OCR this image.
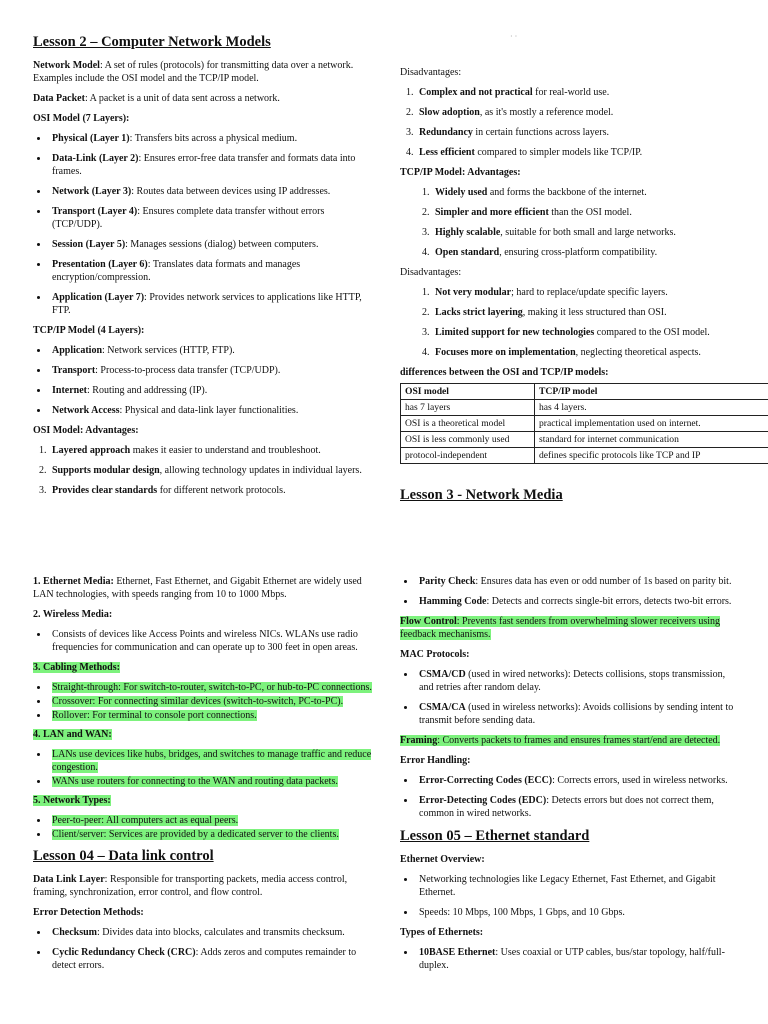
Lesson 2 – Computer Network Models

Network Model: A set of rules (protocols) for transmitting data over a network. Examples include the OSI model and the TCP/IP model.

Data Packet: A packet is a unit of data sent across a network.

OSI Model (7 Layers):

• Physical (Layer 1): Transfers bits across a physical medium.
• Data-Link (Layer 2): Ensures error-free data transfer and formats data into frames.
• Network (Layer 3): Routes data between devices using IP addresses.
• Transport (Layer 4): Ensures complete data transfer without errors (TCP/UDP).
• Session (Layer 5): Manages sessions (dialog) between computers.
• Presentation (Layer 6): Translates data formats and manages encryption/compression.
• Application (Layer 7): Provides network services to applications like HTTP, FTP.

TCP/IP Model (4 Layers):

• Application: Network services (HTTP, FTP).
• Transport: Process-to-process data transfer (TCP/UDP).
• Internet: Routing and addressing (IP).
• Network Access: Physical and data-link layer functionalities.

OSI Model: Advantages:

1. Layered approach makes it easier to understand and troubleshoot.
2. Supports modular design, allowing technology updates in individual layers.
3. Provides clear standards for different network protocols.
· ·

Disadvantages:

1. Complex and not practical for real-world use.
2. Slow adoption, as it's mostly a reference model.
3. Redundancy in certain functions across layers.
4. Less efficient compared to simpler models like TCP/IP.

TCP/IP Model: Advantages:

1. Widely used and forms the backbone of the internet.
2. Simpler and more efficient than the OSI model.
3. Highly scalable, suitable for both small and large networks.
4. Open standard, ensuring cross-platform compatibility.

Disadvantages:

1. Not very modular; hard to replace/update specific layers.
2. Lacks strict layering, making it less structured than OSI.
3. Limited support for new technologies compared to the OSI model.
4. Focuses more on implementation, neglecting theoretical aspects.

differences between the OSI and TCP/IP models:

OSI model	TCP/IP model
has 7 layers	has 4 layers.
OSI is a theoretical model	practical implementation used on internet.
OSI is less commonly used	standard for internet communication
protocol-independent	defines specific protocols like TCP and IP
Lesson 3 - Network Media

1. Ethernet Media: Ethernet, Fast Ethernet, and Gigabit Ethernet are widely used LAN technologies, with speeds ranging from 10 to 1000 Mbps.

2. Wireless Media:

• Consists of devices like Access Points and wireless NICs. WLANs use radio frequencies for communication and can operate up to 300 feet in open areas.

3. Cabling Methods:

• Straight-through: For switch-to-router, switch-to-PC, or hub-to-PC connections.
• Crossover: For connecting similar devices (switch-to-switch, PC-to-PC).
• Rollover: For terminal to console port connections.

4. LAN and WAN:

• LANs use devices like hubs, bridges, and switches to manage traffic and reduce congestion.
• WANs use routers for connecting to the WAN and routing data packets.

5. Network Types:

• Peer-to-peer: All computers act as equal peers.
• Client/server: Services are provided by a dedicated server to the clients.
Lesson 04 – Data link control

Data Link Layer: Responsible for transporting packets, media access control, framing, synchronization, error control, and flow control.

Error Detection Methods:

• Checksum: Divides data into blocks, calculates and transmits checksum.
• Cyclic Redundancy Check (CRC): Adds zeros and computes remainder to detect errors.
• Parity Check: Ensures data has even or odd number of 1s based on parity bit.
• Hamming Code: Detects and corrects single-bit errors, detects two-bit errors.

Flow Control: Prevents fast senders from overwhelming slower receivers using feedback mechanisms.

MAC Protocols:

• CSMA/CD (used in wired networks): Detects collisions, stops transmission, and retries after random delay.
• CSMA/CA (used in wireless networks): Avoids collisions by sending intent to transmit before sending data.

Framing: Converts packets to frames and ensures frames start/end are detected.

Error Handling:

• Error-Correcting Codes (ECC): Corrects errors, used in wireless networks.
• Error-Detecting Codes (EDC): Detects errors but does not correct them, common in wired networks.
Lesson 05 – Ethernet standard

Ethernet Overview:

• Networking technologies like Legacy Ethernet, Fast Ethernet, and Gigabit Ethernet.
• Speeds: 10 Mbps, 100 Mbps, 1 Gbps, and 10 Gbps.

Types of Ethernets:

• 10BASE Ethernet: Uses coaxial or UTP cables, bus/star topology, half/full-duplex.
